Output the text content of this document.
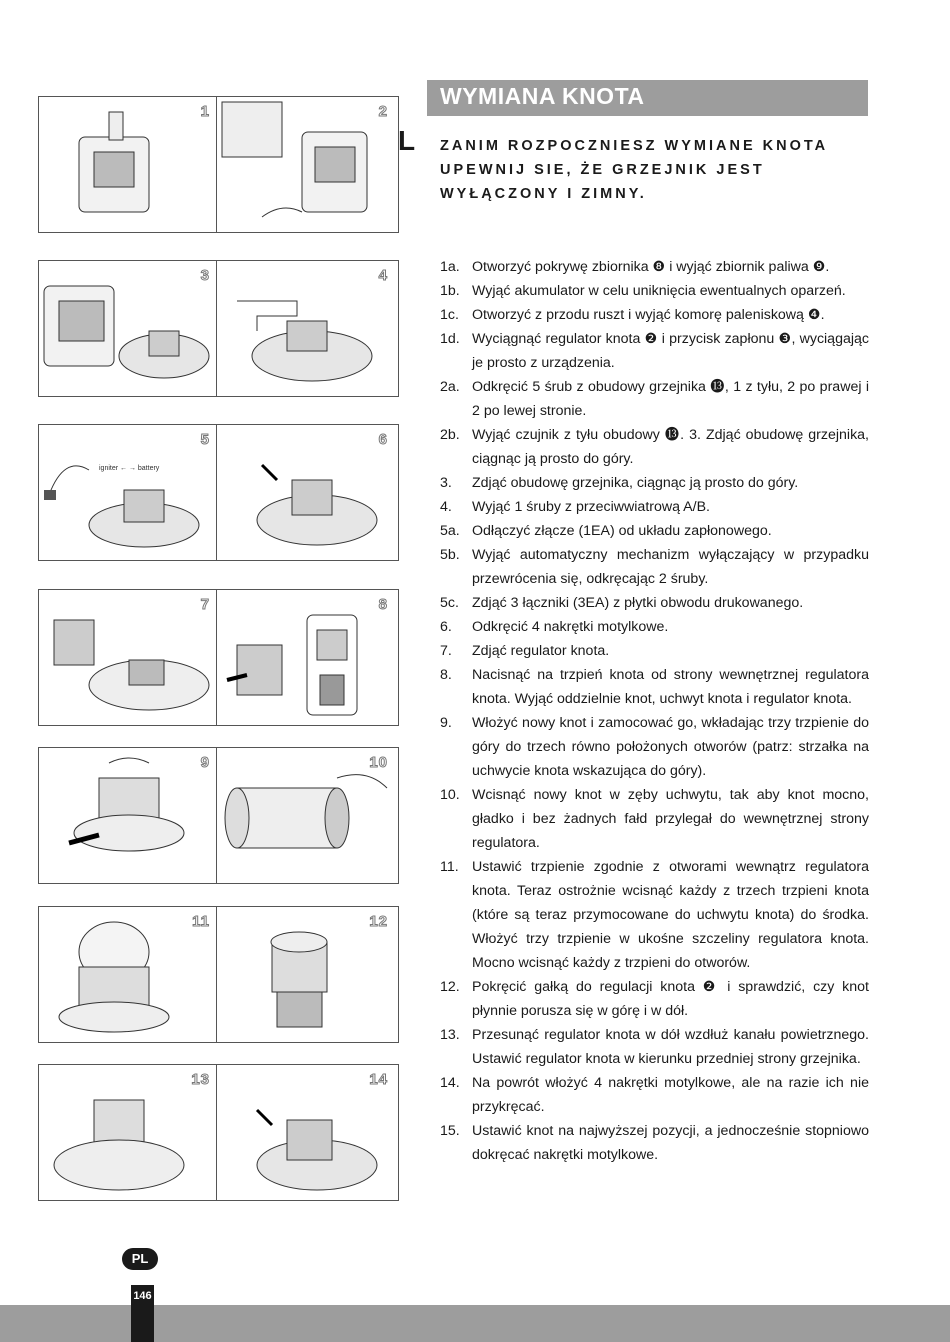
1	2
3	4
igniter ← → battery
5	6
7	8
9	10
11	12
13	14
WYMIANA KNOTA
L ZANIM ROZPOCZNIESZ WYMIANE KNOTA UPEWNIJ SIE, ŻE GRZEJNIK JEST WYŁĄCZONY I ZIMNY.
1a. Otworzyć pokrywę zbiornika ❽ i wyjąć zbiornik paliwa ❾.
1b. Wyjąć akumulator w celu uniknięcia ewentualnych oparzeń.
1c. Otworzyć z przodu ruszt i wyjąć komorę paleniskową ❹.
1d. Wyciągnąć regulator knota ❷ i przycisk zapłonu ❸, wyciągając je prosto z urządzenia.
2a. Odkręcić 5 śrub z obudowy grzejnika ⓭, 1 z tyłu, 2 po prawej i 2 po lewej stronie.
2b. Wyjąć czujnik z tyłu obudowy ⓭. 3. Zdjąć obudowę grzejnika, ciągnąc ją prosto do góry.
3. Zdjąć obudowę grzejnika, ciągnąc ją prosto do góry.
4. Wyjąć 1 śruby z przeciwwiatrową A/B.
5a. Odłączyć złącze (1EA) od układu zapłonowego.
5b. Wyjąć automatyczny mechanizm wyłączający w przypadku przewrócenia się, odkręcając 2 śruby.
5c. Zdjąć 3 łączniki (3EA) z płytki obwodu drukowanego.
6. Odkręcić 4 nakrętki motylkowe.
7. Zdjąć regulator knota.
8. Nacisnąć na trzpień knota od strony wewnętrznej regulatora knota. Wyjąć oddzielnie knot, uchwyt knota i regulator knota.
9. Włożyć nowy knot i zamocować go, wkładając trzy trzpienie do góry do trzech równo położonych otworów (patrz: strzałka na uchwycie knota wskazująca do góry).
10. Wcisnąć nowy knot w zęby uchwytu, tak aby knot mocno, gładko i bez żadnych fałd przylegał do wewnętrznej strony regulatora.
11. Ustawić trzpienie zgodnie z otworami wewnątrz regulatora knota. Teraz ostrożnie wcisnąć każdy z trzech trzpieni knota (które są teraz przymocowane do uchwytu knota) do środka. Włożyć trzy trzpienie w ukośne szczeliny regulatora knota. Mocno wcisnąć każdy z trzpieni do otworów.
12. Pokręcić gałką do regulacji knota ❷ i sprawdzić, czy knot płynnie porusza się w górę i w dół.
13. Przesunąć regulator knota w dół wzdłuż kanału powietrznego. Ustawić regulator knota w kierunku przedniej strony grzejnika.
14. Na powrót włożyć 4 nakrętki motylkowe, ale na razie ich nie przykręcać.
15. Ustawić knot na najwyższej pozycji, a jednocześnie stopniowo dokręcać nakrętki motylkowe.
PL
146
